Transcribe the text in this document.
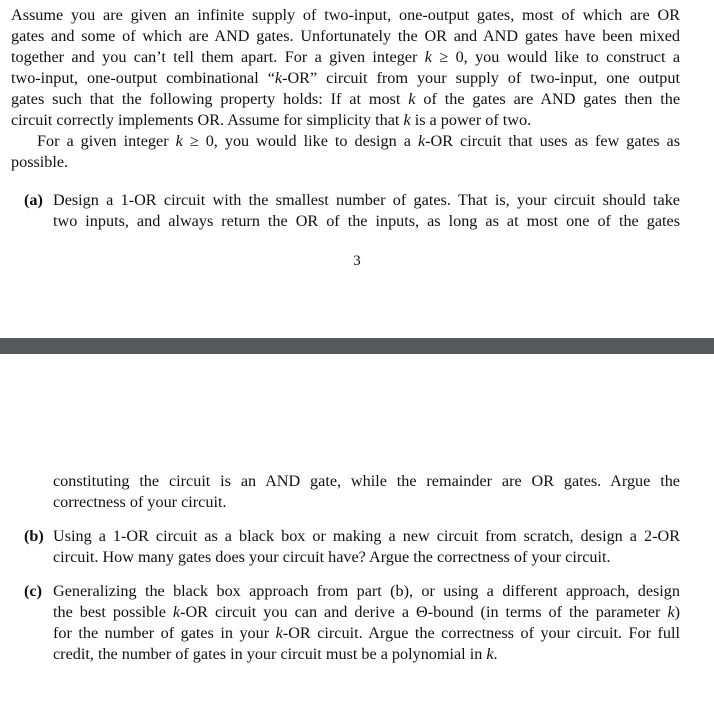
Assume you are given an infinite supply of two-input, one-output gates, most of which are OR
gates and some of which are AND gates. Unfortunately the OR and AND gates have been mixed
together and you can’t tell them apart. For a given integer k ≥ 0, you would like to construct a
two-input, one-output combinational “k-OR” circuit from your supply of two-input, one output
gates such that the following property holds: If at most k of the gates are AND gates then the
circuit correctly implements OR. Assume for simplicity that k is a power of two.
For a given integer k ≥ 0, you would like to design a k-OR circuit that uses as few gates as
possible.
(a) Design a 1-OR circuit with the smallest number of gates. That is, your circuit should take
two inputs, and always return the OR of the inputs, as long as at most one of the gates
3
constituting the circuit is an AND gate, while the remainder are OR gates. Argue the
correctness of your circuit.
(b) Using a 1-OR circuit as a black box or making a new circuit from scratch, design a 2-OR
circuit. How many gates does your circuit have? Argue the correctness of your circuit.
(c) Generalizing the black box approach from part (b), or using a different approach, design
the best possible k-OR circuit you can and derive a Θ-bound (in terms of the parameter k)
for the number of gates in your k-OR circuit. Argue the correctness of your circuit. For full
credit, the number of gates in your circuit must be a polynomial in k.
